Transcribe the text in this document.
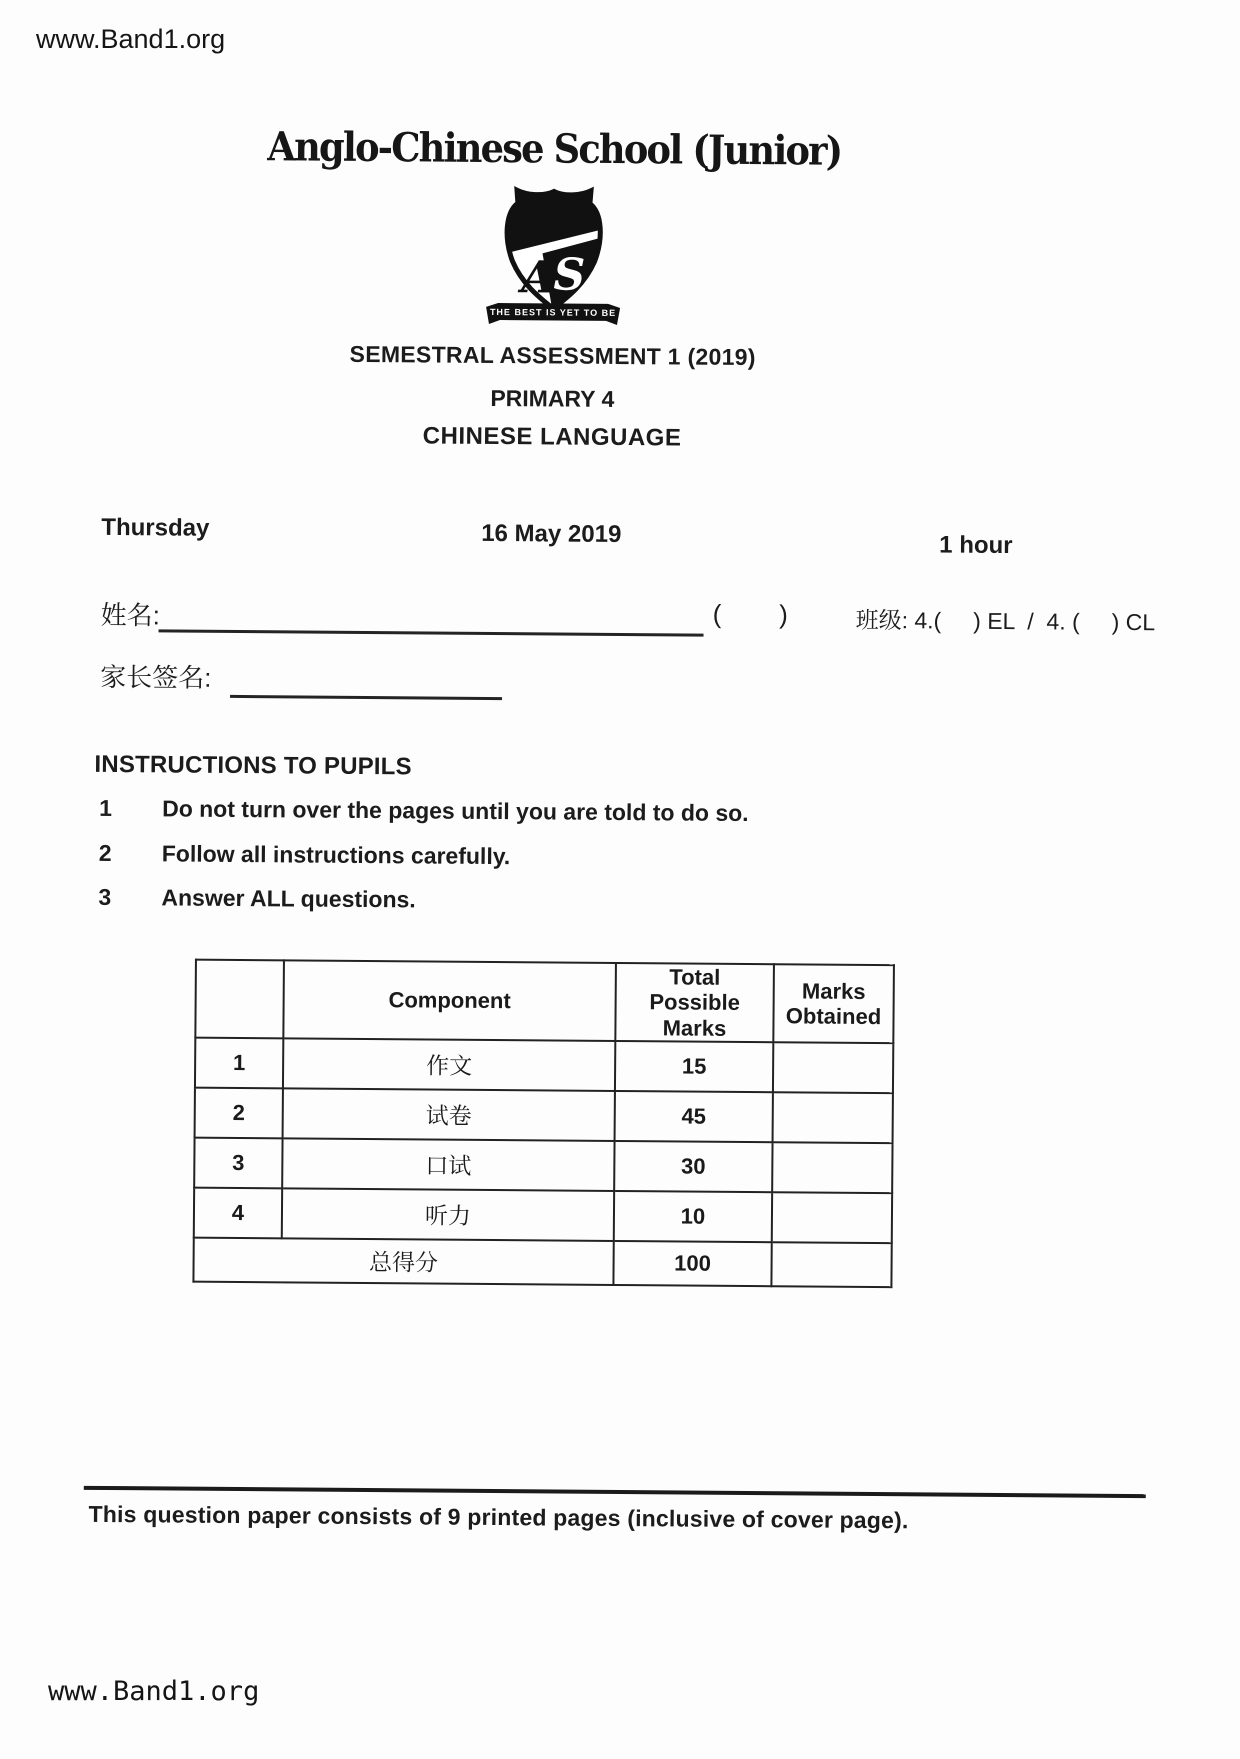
www.Band1.org
Anglo-Chinese School (Junior)
A
S
THE BEST IS YET TO BE
SEMESTRAL ASSESSMENT 1 (2019)
PRIMARY 4
CHINESE LANGUAGE
Thursday	16 May 2019	1 hour
姓名:	(        )	班级: 4.(     ) EL  /  4. (     ) CL
家长签名:
INSTRUCTIONS TO PUPILS
1 Do not turn over the pages until you are told to do so.
2 Follow all instructions carefully.
3 Answer ALL questions.
	Component	Total Possible Marks	Marks Obtained
1	作文	15	
2	试卷	45	
3	口试	30	
4	听力	10	
总得分		100	
This question paper consists of 9 printed pages (inclusive of cover page).
www.Band1.org
